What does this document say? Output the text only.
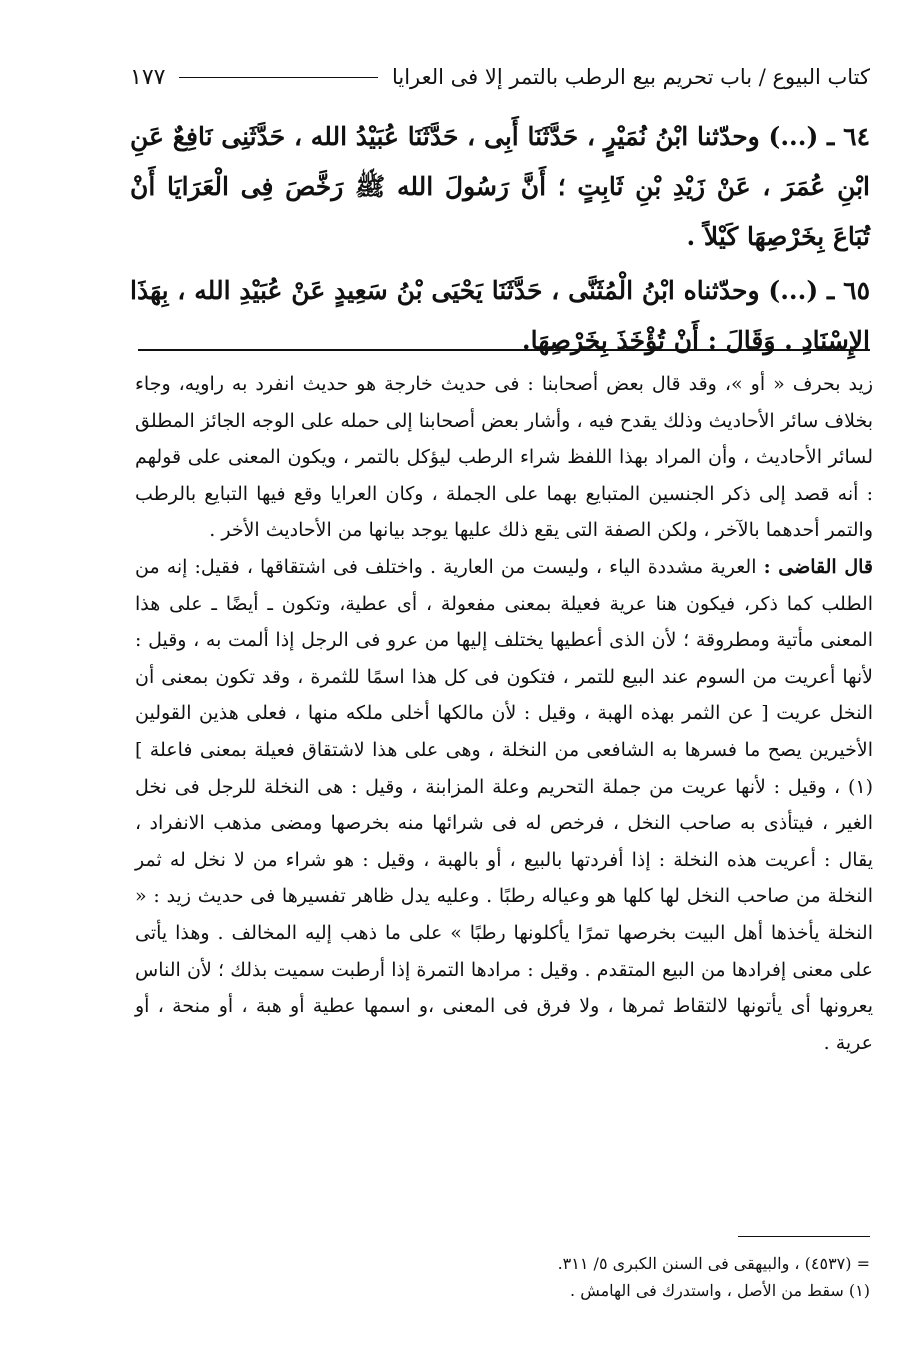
كتاب البيوع / باب تحريم بيع الرطب بالتمر إلا فى العرايا
١٧٧

٦٤ ـ (...) وحدّثنا ابْنُ نُمَيْرٍ ، حَدَّثَنَا أَبِى ، حَدَّثَنَا عُبَيْدُ الله ، حَدَّثَنِى نَافِعٌ عَنِ ابْنِ عُمَرَ ، عَنْ زَيْدِ بْنِ ثَابِتٍ ؛ أَنَّ رَسُولَ الله ﷺ رَخَّصَ فِى الْعَرَايَا أَنْ تُبَاعَ بِخَرْصِهَا كَيْلاً .

٦٥ ـ (...) وحدّثناه ابْنُ الْمُثَنَّى ، حَدَّثَنَا يَحْيَى بْنُ سَعِيدٍ عَنْ عُبَيْدِ الله ، بِهَذَا الإِسْنَادِ . وَقَالَ : أَنْ تُؤْخَذَ بِخَرْصِهَا.

زيد بحرف « أو »، وقد قال بعض أصحابنا : فى حديث خارجة هو حديث انفرد به راويه، وجاء بخلاف سائر الأحاديث وذلك يقدح فيه ، وأشار بعض أصحابنا إلى حمله على الوجه الجائز المطلق لسائر الأحاديث ، وأن المراد بهذا اللفظ شراء الرطب ليؤكل بالتمر ، ويكون المعنى على قولهم : أنه قصد إلى ذكر الجنسين المتبايع بهما على الجملة ، وكان العرايا وقع فيها التبايع بالرطب والتمر أحدهما بالآخر ، ولكن الصفة التى يقع ذلك عليها يوجد بيانها من الأحاديث الأخر .

قال القاضى : العرية مشددة الياء ، وليست من العارية . واختلف فى اشتقاقها ، فقيل: إنه من الطلب كما ذكر، فيكون هنا عرية فعيلة بمعنى مفعولة ، أى عطية، وتكون ـ أيضًا ـ على هذا المعنى مأتية ومطروقة ؛ لأن الذى أعطيها يختلف إليها من عرو فى الرجل إذا ألمت به ، وقيل : لأنها أعريت من السوم عند البيع للتمر ، فتكون فى كل هذا اسمًا للثمرة ، وقد تكون بمعنى أن النخل عريت [ عن الثمر بهذه الهبة ، وقيل : لأن مالكها أخلى ملكه منها ، فعلى هذين القولين الأخيرين يصح ما فسرها به الشافعى من النخلة ، وهى على هذا لاشتقاق فعيلة بمعنى فاعلة ] (١) ، وقيل : لأنها عريت من جملة التحريم وعلة المزابنة ، وقيل : هى النخلة للرجل فى نخل الغير ، فيتأذى به صاحب النخل ، فرخص له فى شرائها منه بخرصها ومضى مذهب الانفراد ، يقال : أعريت هذه النخلة : إذا أفردتها بالبيع ، أو بالهبة ، وقيل : هو شراء من لا نخل له ثمر النخلة من صاحب النخل لها كلها هو وعياله رطبًا . وعليه يدل ظاهر تفسيرها فى حديث زيد : « النخلة يأخذها أهل البيت بخرصها تمرًا يأكلونها رطبًا » على ما ذهب إليه المخالف . وهذا يأتى على معنى إفرادها من البيع المتقدم . وقيل : مرادها التمرة إذا أرطبت سميت بذلك ؛ لأن الناس يعرونها أى يأتونها لالتقاط ثمرها ، ولا فرق فى المعنى ،و اسمها عطية أو هبة ، أو منحة ، أو عرية .

= (٤٥٣٧) ، والبيهقى فى السنن الكبرى ٥/ ٣١١.

(١) سقط من الأصل ، واستدرك فى الهامش .
